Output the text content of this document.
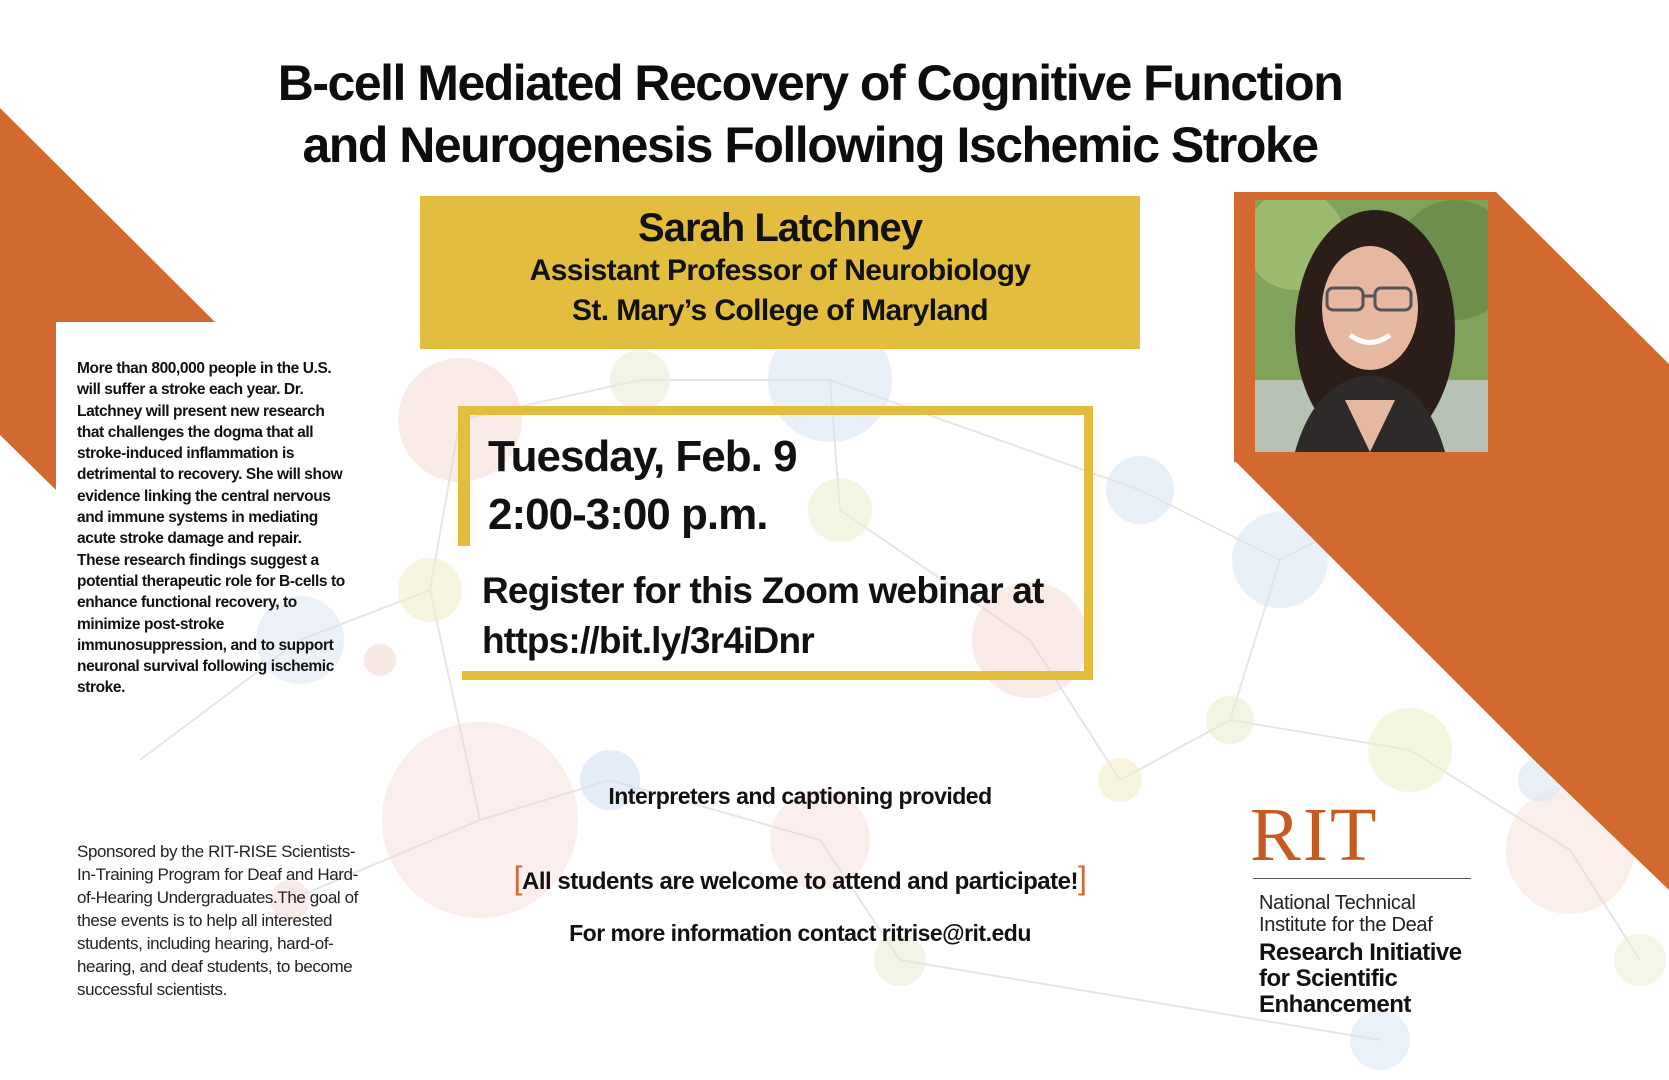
B-cell Mediated Recovery of Cognitive Function
and Neurogenesis Following Ischemic Stroke
Sarah Latchney
Assistant Professor of Neurobiology
St. Mary’s College of Maryland
Tuesday, Feb. 9
2:00-3:00 p.m.
Register for this Zoom webinar at
https://bit.ly/3r4iDnr
More than 800,000 people in the U.S. will suffer a stroke each year. Dr. Latchney will present new research that challenges the dogma that all stroke-induced inflammation is detrimental to recovery. She will show evidence linking the central nervous and immune systems in mediating acute stroke damage and repair. These research findings suggest a potential therapeutic role for B-cells to enhance functional recovery, to minimize post-stroke immunosuppression, and to support neuronal survival following ischemic stroke.
Sponsored by the RIT-RISE Scientists-In-Training Program for Deaf and Hard-of-Hearing Undergraduates.The goal of these events is to help all interested students, including hearing, hard-of-hearing, and deaf students, to become successful scientists.
Interpreters and captioning provided
[All students are welcome to attend and participate!]
For more information contact ritrise@rit.edu
RIT
National Technical
Institute for the Deaf
Research Initiative
for Scientific
Enhancement
